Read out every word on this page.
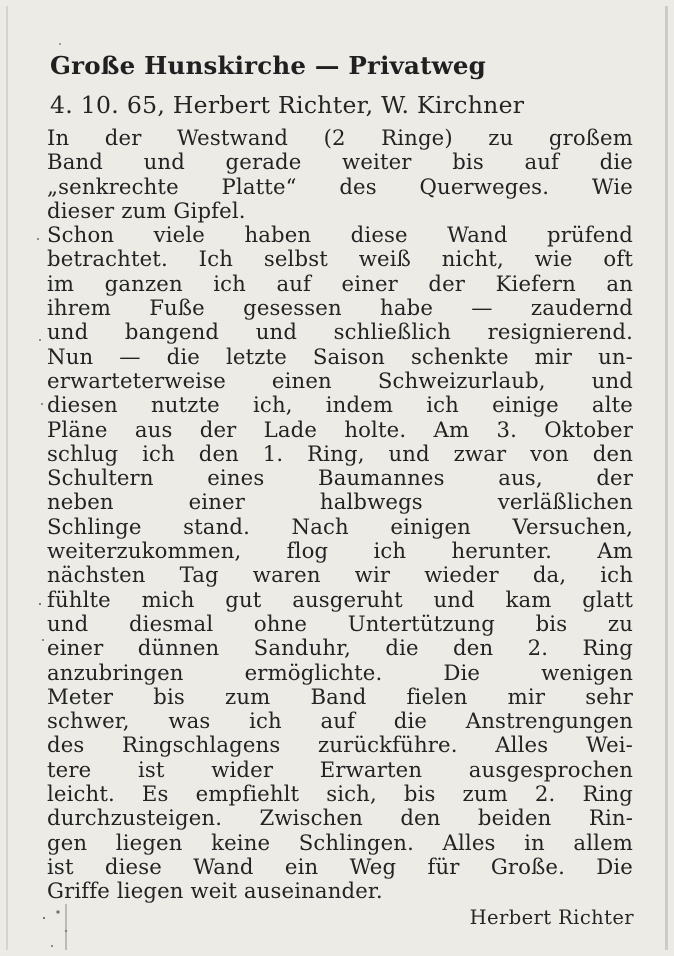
Große Hunskirche — Privatweg
4. 10. 65, Herbert Richter, W. Kirchner
In der Westwand (2 Ringe) zu großem
Band und gerade weiter bis auf die
„senkrechte Platte“ des Querweges. Wie
dieser zum Gipfel.
Schon viele haben diese Wand prüfend
betrachtet. Ich selbst weiß nicht, wie oft
im ganzen ich auf einer der Kiefern an
ihrem Fuße gesessen habe — zaudernd
und bangend und schließlich resignierend.
Nun — die letzte Saison schenkte mir un-
erwarteterweise einen Schweizurlaub, und
diesen nutzte ich, indem ich einige alte
Pläne aus der Lade holte. Am 3. Oktober
schlug ich den 1. Ring, und zwar von den
Schultern eines Baumannes aus, der
neben einer halbwegs verläßlichen
Schlinge stand. Nach einigen Versuchen,
weiterzukommen, flog ich herunter. Am
nächsten Tag waren wir wieder da, ich
fühlte mich gut ausgeruht und kam glatt
und diesmal ohne Untertützung bis zu
einer dünnen Sanduhr, die den 2. Ring
anzubringen ermöglichte. Die wenigen
Meter bis zum Band fielen mir sehr
schwer, was ich auf die Anstrengungen
des Ringschlagens zurückführe. Alles Wei-
tere ist wider Erwarten ausgesprochen
leicht. Es empfiehlt sich, bis zum 2. Ring
durchzusteigen. Zwischen den beiden Rin-
gen liegen keine Schlingen. Alles in allem
ist diese Wand ein Weg für Große. Die
Griffe liegen weit auseinander.
Herbert Richter
